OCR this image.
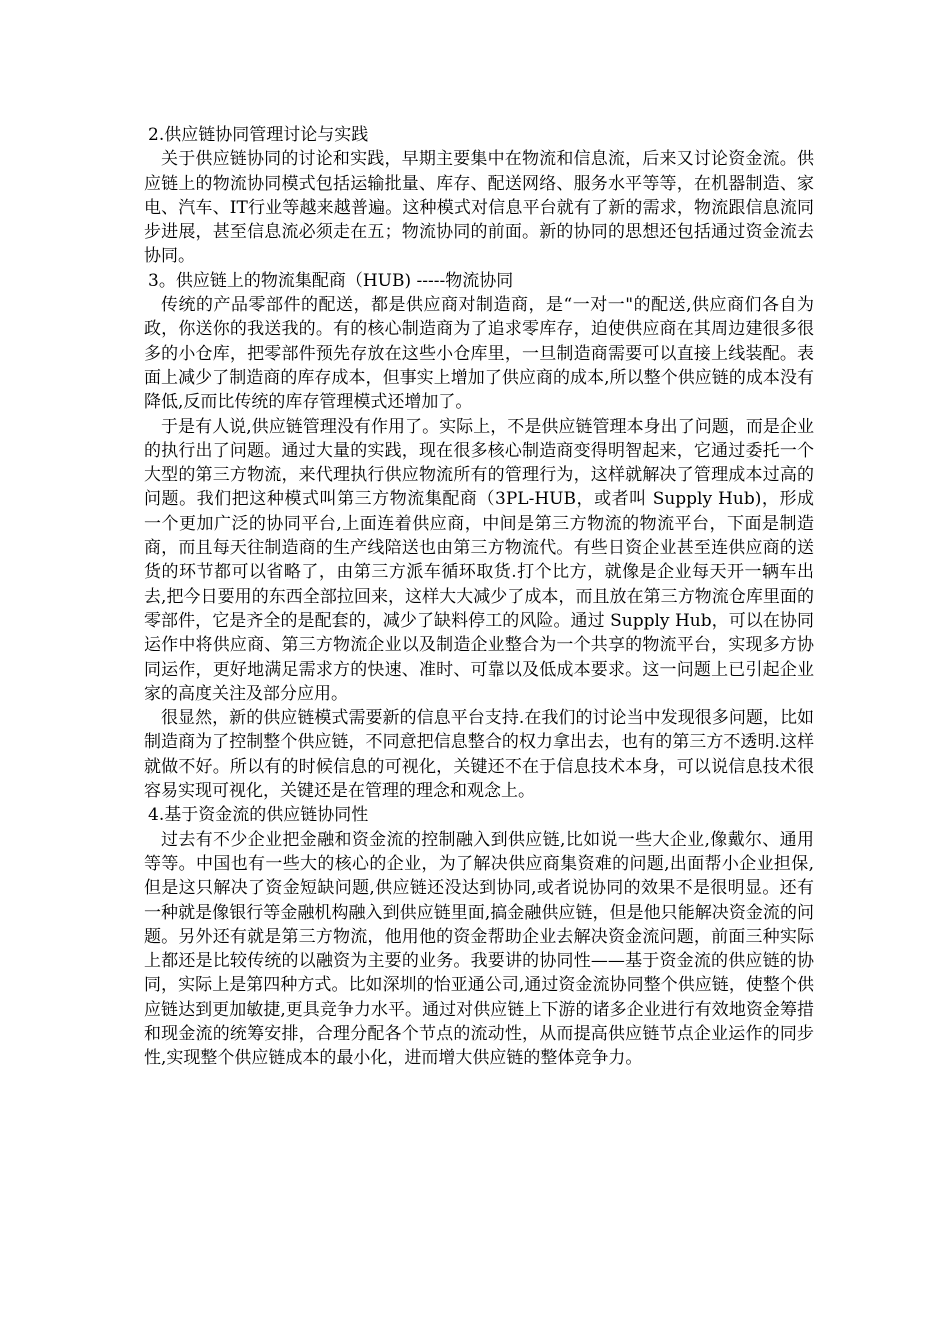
2.供应链协同管理讨论与实践

关于供应链协同的讨论和实践，早期主要集中在物流和信息流，后来又讨论资金流。供应链上的物流协同模式包括运输批量、库存、配送网络、服务水平等等，在机器制造、家电、汽车、IT行业等越来越普遍。这种模式对信息平台就有了新的需求，物流跟信息流同步进展，甚至信息流必须走在五；物流协同的前面。新的协同的思想还包括通过资金流去协同。

3。供应链上的物流集配商（HUB) -----物流协同

传统的产品零部件的配送，都是供应商对制造商，是“一对一"的配送,供应商们各自为政，你送你的我送我的。有的核心制造商为了追求零库存，迫使供应商在其周边建很多很多的小仓库，把零部件预先存放在这些小仓库里，一旦制造商需要可以直接上线装配。表面上减少了制造商的库存成本，但事实上增加了供应商的成本,所以整个供应链的成本没有降低,反而比传统的库存管理模式还增加了。

于是有人说,供应链管理没有作用了。实际上，不是供应链管理本身出了问题，而是企业的执行出了问题。通过大量的实践，现在很多核心制造商变得明智起来，它通过委托一个大型的第三方物流，来代理执行供应物流所有的管理行为，这样就解决了管理成本过高的问题。我们把这种模式叫第三方物流集配商（3PL-HUB，或者叫 Supply Hub)，形成一个更加广泛的协同平台,上面连着供应商，中间是第三方物流的物流平台，下面是制造商，而且每天往制造商的生产线陪送也由第三方物流代。有些日资企业甚至连供应商的送货的环节都可以省略了，由第三方派车循环取货.打个比方，就像是企业每天开一辆车出去,把今日要用的东西全部拉回来，这样大大减少了成本，而且放在第三方物流仓库里面的零部件，它是齐全的是配套的，减少了缺料停工的风险。通过 Supply Hub，可以在协同运作中将供应商、第三方物流企业以及制造企业整合为一个共享的物流平台，实现多方协同运作，更好地满足需求方的快速、准时、可靠以及低成本要求。这一问题上已引起企业家的高度关注及部分应用。

很显然，新的供应链模式需要新的信息平台支持.在我们的讨论当中发现很多问题，比如制造商为了控制整个供应链，不同意把信息整合的权力拿出去，也有的第三方不透明.这样就做不好。所以有的时候信息的可视化，关键还不在于信息技术本身，可以说信息技术很容易实现可视化，关键还是在管理的理念和观念上。

4.基于资金流的供应链协同性

过去有不少企业把金融和资金流的控制融入到供应链,比如说一些大企业,像戴尔、通用等等。中国也有一些大的核心的企业，为了解决供应商集资难的问题,出面帮小企业担保,但是这只解决了资金短缺问题,供应链还没达到协同,或者说协同的效果不是很明显。还有一种就是像银行等金融机构融入到供应链里面,搞金融供应链，但是他只能解决资金流的问题。另外还有就是第三方物流，他用他的资金帮助企业去解决资金流问题，前面三种实际上都还是比较传统的以融资为主要的业务。我要讲的协同性——基于资金流的供应链的协同，实际上是第四种方式。比如深圳的怡亚通公司,通过资金流协同整个供应链，使整个供应链达到更加敏捷,更具竞争力水平。通过对供应链上下游的诸多企业进行有效地资金筹措和现金流的统筹安排，合理分配各个节点的流动性，从而提高供应链节点企业运作的同步性,实现整个供应链成本的最小化，进而增大供应链的整体竞争力。
